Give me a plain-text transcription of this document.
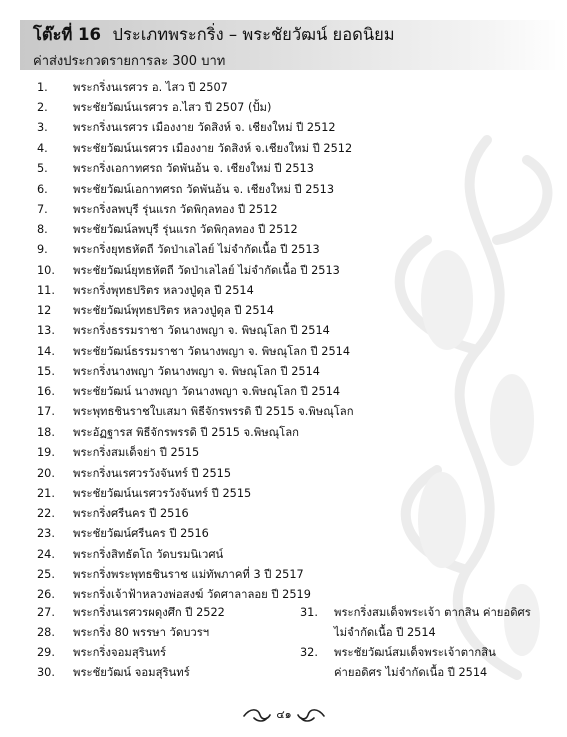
โต๊ะที่ 16 ประเภทพระกริ่ง – พระชัยวัฒน์ ยอดนิยม

ค่าส่งประกวดรายการละ 300 บาท

1. พระกริ่งนเรศวร อ. ไสว ปี 2507
2. พระชัยวัฒน์นเรศวร อ.ไสว ปี 2507 (ปั้ม)
3. พระกริ่งนเรศวร เมืองงาย วัดสิงห์ จ. เชียงใหม่ ปี 2512
4. พระชัยวัฒน์นเรศวร เมืองงาย วัดสิงห์ จ.เชียงใหม่ ปี 2512
5. พระกริ่งเอกาทศรถ วัดพันอ้น จ. เชียงใหม่ ปี 2513
6. พระชัยวัฒน์เอกาทศรถ วัดพันอ้น จ. เชียงใหม่ ปี 2513
7. พระกริ่งลพบุรี รุ่นแรก วัดพิกุลทอง ปี 2512
8. พระชัยวัฒน์ลพบุรี รุ่นแรก วัดพิกุลทอง ปี 2512
9. พระกริ่งยุทธหัตถี วัดป่าเลไลย์ ไม่จำกัดเนื้อ ปี 2513
10. พระชัยวัฒน์ยุทธหัตถี วัดป่าเลไลย์ ไม่จำกัดเนื้อ ปี 2513
11. พระกริ่งพุทธปริตร หลวงปู่ดุล ปี 2514
12 พระชัยวัฒน์พุทธปริตร หลวงปู่ดุล ปี 2514
13. พระกริ่งธรรมราชา วัดนางพญา จ. พิษณุโลก ปี 2514
14. พระชัยวัฒน์ธรรมราชา วัดนางพญา จ. พิษณุโลก ปี 2514
15. พระกริ่งนางพญา วัดนางพญา จ. พิษณุโลก ปี 2514
16. พระชัยวัฒน์ นางพญา วัดนางพญา จ.พิษณุโลก ปี 2514
17. พระพุทธชินราชใบเสมา พิธีจักรพรรดิ ปี 2515 จ.พิษณุโลก
18. พระอัฏฐารส พิธีจักรพรรดิ ปี 2515 จ.พิษณุโลก
19. พระกริ่งสมเด็จย่า ปี 2515
20. พระกริ่งนเรศวรวังจันทร์ ปี 2515
21. พระชัยวัฒน์นเรศวรวังจันทร์ ปี 2515
22. พระกริ่งศรีนคร ปี 2516
23. พระชัยวัฒน์ศรีนคร ปี 2516
24. พระกริ่งสิทธัตโถ วัดบรมนิเวศน์
25. พระกริ่งพระพุทธชินราช แม่ทัพภาคที่ 3 ปี 2517
26. พระกริ่งเจ้าฟ้าหลวงพ่อสงฆ์ วัดศาลาลอย ปี 2519
27. พระกริ่งนเรศวรผดุงศึก ปี 2522
28. พระกริ่ง 80 พรรษา วัดบวรฯ
29. พระกริ่งจอมสุรินทร์
30. พระชัยวัฒน์ จอมสุรินทร์
31. พระกริ่งสมเด็จพระเจ้า ตากสิน ค่ายอดิศร
ไม่จำกัดเนื้อ ปี 2514
32. พระชัยวัฒน์สมเด็จพระเจ้าตากสิน
ค่ายอดิศร ไม่จำกัดเนื้อ ปี 2514
๔๑
